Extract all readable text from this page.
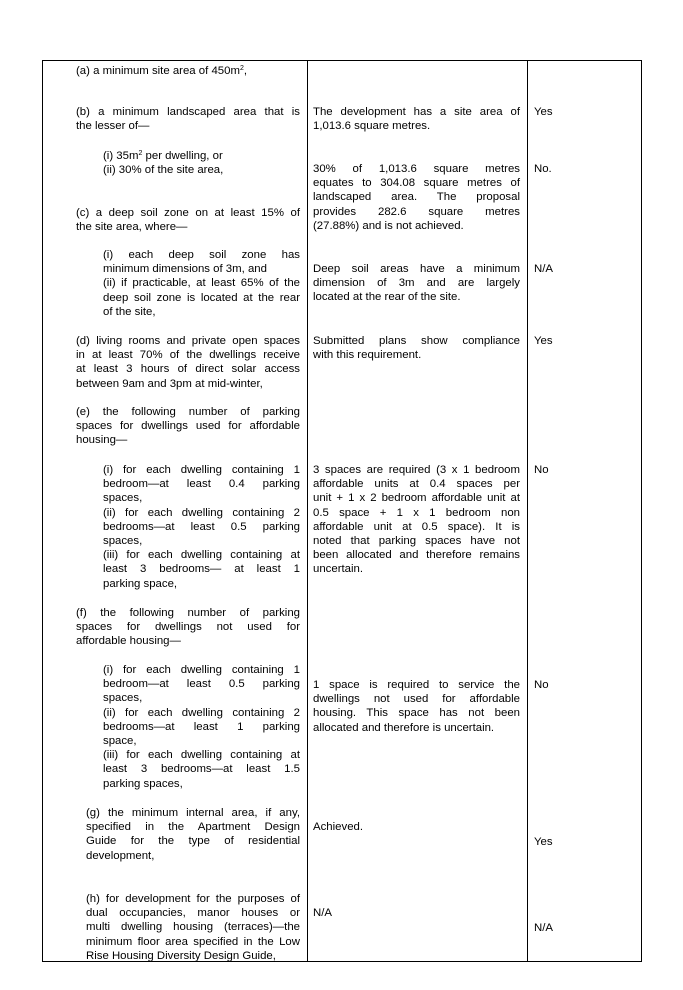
(a) a minimum site area of $450m^2$,

(b) a minimum landscaped area that is
the lesser of—
(i) $35m^2$ per dwelling, or
(ii) 30% of the site area,
The development has a site area of
1,013.6 square metres.

Yes

(c) a deep soil zone on at least 15% of
the site area, where—
30% of 1,013.6 square metres
equates to 304.08 square metres of
landscaped area. The proposal
provides 282.6 square metres
(27.88%) and is not achieved.

No.

(i) each deep soil zone has
minimum dimensions of 3m, and
(ii) if practicable, at least 65% of the
deep soil zone is located at the rear
of the site,
Deep soil areas have a minimum
dimension of 3m and are largely
located at the rear of the site.

N/A

(d) living rooms and private open spaces
in at least 70% of the dwellings receive
at least 3 hours of direct solar access
between 9am and 3pm at mid-winter,
Submitted plans show compliance
with this requirement.

Yes

(e) the following number of parking
spaces for dwellings used for affordable
housing—
(i) for each dwelling containing 1
bedroom—at least 0.4 parking
spaces,
(ii) for each dwelling containing 2
bedrooms—at least 0.5 parking
spaces,
(iii) for each dwelling containing at
least 3 bedrooms— at least 1
parking space,
3 spaces are required (3 x 1 bedroom
affordable units at 0.4 spaces per
unit + 1 x 2 bedroom affordable unit at
0.5 space + 1 x 1 bedroom non
affordable unit at 0.5 space). It is
noted that parking spaces have not
been allocated and therefore remains
uncertain.

No

(f) the following number of parking
spaces for dwellings not used for
affordable housing—
(i) for each dwelling containing 1
bedroom—at least 0.5 parking
spaces,
(ii) for each dwelling containing 2
bedrooms—at least 1 parking
space,
(iii) for each dwelling containing at
least 3 bedrooms—at least 1.5
parking spaces,
1 space is required to service the
dwellings not used for affordable
housing. This space has not been
allocated and therefore is uncertain.

No

(g) the minimum internal area, if any,
specified in the Apartment Design
Guide for the type of residential
development,

Achieved.

Yes

(h) for development for the purposes of
dual occupancies, manor houses or
multi dwelling housing (terraces)—the
minimum floor area specified in the Low
Rise Housing Diversity Design Guide,

N/A

N/A
